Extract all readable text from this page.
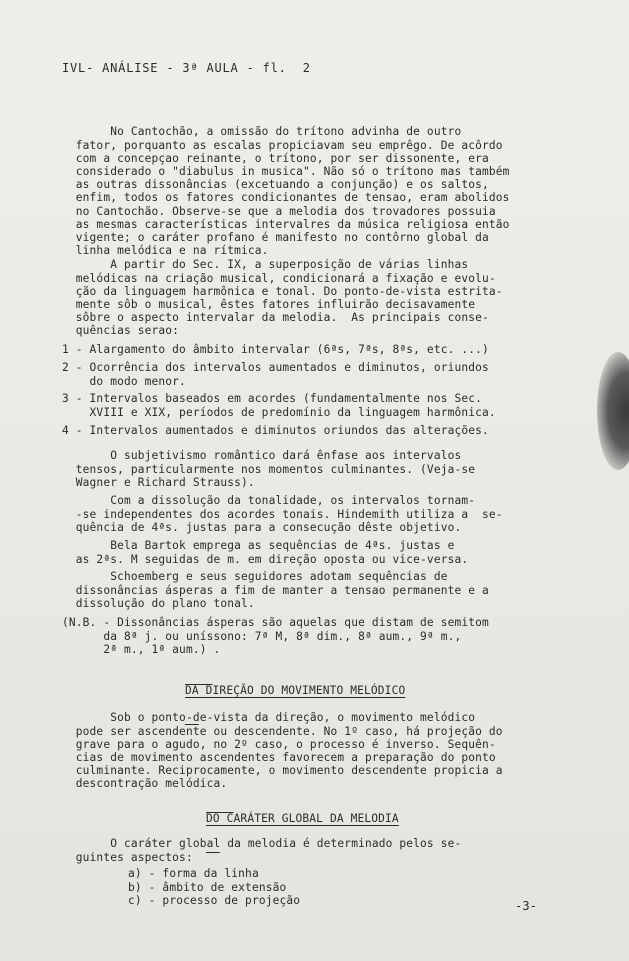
IVL- ANÁLISE - 3ª AULA - fl.  2

No Cantochão, a omissão do trítono advinha de outro
fator, porquanto as escalas propiciavam seu emprêgo. De acôrdo
com a concepçao reinante, o trítono, por ser dissonente, era
considerado o "diabulus in musica". Não só o trítono mas também
as outras dissonâncias (excetuando a conjunção) e os saltos,
enfim, todos os fatores condicionantes de tensao, eram abolidos
no Cantochão. Observe-se que a melodia dos trovadores possuia
as mesmas características intervalres da música religiosa então
vigente; o caráter profano é manifesto no contôrno global da
linha melódica e na rítmica.

A partir do Sec. IX, a superposição de várias linhas
melódicas na criação musical, condicionará a fixação e evolu-
ção da linguagem harmônica e tonal. Do ponto-de-vista estrita-
mente sôb o musical, êstes fatores influirão decisavamente
sôbre o aspecto intervalar da melodia.  As principais conse-
quências serao:

1 - Alargamento do âmbito intervalar (6ªs, 7ªs, 8ªs, etc. ...)

2 - Ocorrência dos intervalos aumentados e diminutos, oriundos
do modo menor.

3 - Intervalos baseados em acordes (fundamentalmente nos Sec.
XVIII e XIX, períodos de predomínio da linguagem harmônica.

4 - Intervalos aumentados e diminutos oriundos das alterações.

O subjetivismo romântico dará ênfase aos intervalos
tensos, particularmente nos momentos culminantes. (Veja-se
Wagner e Richard Strauss).

Com a dissolução da tonalidade, os intervalos tornam-
-se independentes dos acordes tonais. Hindemith utiliza a  se-
quência de 4ªs. justas para a consecução dêste objetivo.

Bela Bartok emprega as sequências de 4ªs. justas e
as 2ªs. M seguidas de m. em direção oposta ou vice-versa.

Schoemberg e seus seguidores adotam sequências de
dissonâncias ásperas a fim de manter a tensao permanente e a
dissolução do plano tonal.

(N.B. - Dissonâncias ásperas são aquelas que distam de semitom
da 8ª j. ou uníssono: 7ª M, 8ª dim., 8ª aum., 9ª m.,
2ª m., 1ª aum.) .

DA DIREÇÃO DO MOVIMENTO MELÓDICO

Sob o ponto-de-vista da direção, o movimento melódico
pode ser ascendente ou descendente. No 1º caso, há projeção do
grave para o agudo, no 2º caso, o processo é inverso. Sequên-
cias de movimento ascendentes favorecem a preparação do ponto
culminante. Reciprocamente, o movimento descendente propicia a
descontração melódica.

DO CARÁTER GLOBAL DA MELODIA

O caráter global da melodia é determinado pelos se-
guintes aspectos:

a) - forma da linha
b) - âmbito de extensão
c) - processo de projeção

	-3-
